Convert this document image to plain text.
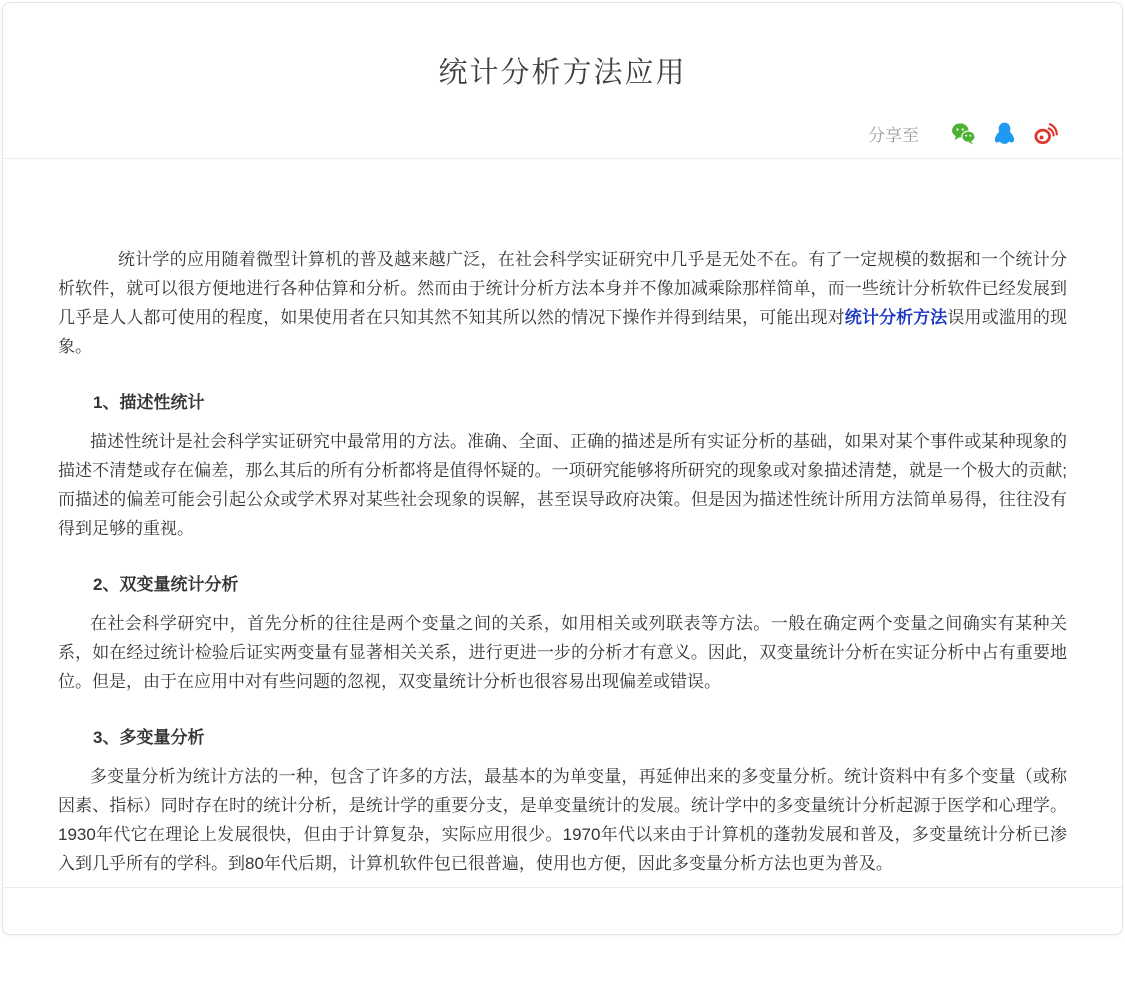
统计分析方法应用
分享至

统计学的应用随着微型计算机的普及越来越广泛，在社会科学实证研究中几乎是无处不在。有了一定规模的数据和一个统计分析软件，就可以很方便地进行各种估算和分析。然而由于统计分析方法本身并不像加减乘除那样简单，而一些统计分析软件已经发展到几乎是人人都可使用的程度，如果使用者在只知其然不知其所以然的情况下操作并得到结果，可能出现对统计分析方法误用或滥用的现象。

1、描述性统计

描述性统计是社会科学实证研究中最常用的方法。准确、全面、正确的描述是所有实证分析的基础，如果对某个事件或某种现象的描述不清楚或存在偏差，那么其后的所有分析都将是值得怀疑的。一项研究能够将所研究的现象或对象描述清楚，就是一个极大的贡献;而描述的偏差可能会引起公众或学术界对某些社会现象的误解，甚至误导政府决策。但是因为描述性统计所用方法简单易得，往往没有得到足够的重视。

2、双变量统计分析

在社会科学研究中，首先分析的往往是两个变量之间的关系，如用相关或列联表等方法。一般在确定两个变量之间确实有某种关系，如在经过统计检验后证实两变量有显著相关关系，进行更进一步的分析才有意义。因此，双变量统计分析在实证分析中占有重要地位。但是，由于在应用中对有些问题的忽视，双变量统计分析也很容易出现偏差或错误。

3、多变量分析

多变量分析为统计方法的一种，包含了许多的方法，最基本的为单变量，再延伸出来的多变量分析。统计资料中有多个变量（或称因素、指标）同时存在时的统计分析，是统计学的重要分支，是单变量统计的发展。统计学中的多变量统计分析起源于医学和心理学。1930年代它在理论上发展很快，但由于计算复杂，实际应用很少。1970年代以来由于计算机的蓬勃发展和普及，多变量统计分析已渗入到几乎所有的学科。到80年代后期，计算机软件包已很普遍，使用也方便，因此多变量分析方法也更为普及。
